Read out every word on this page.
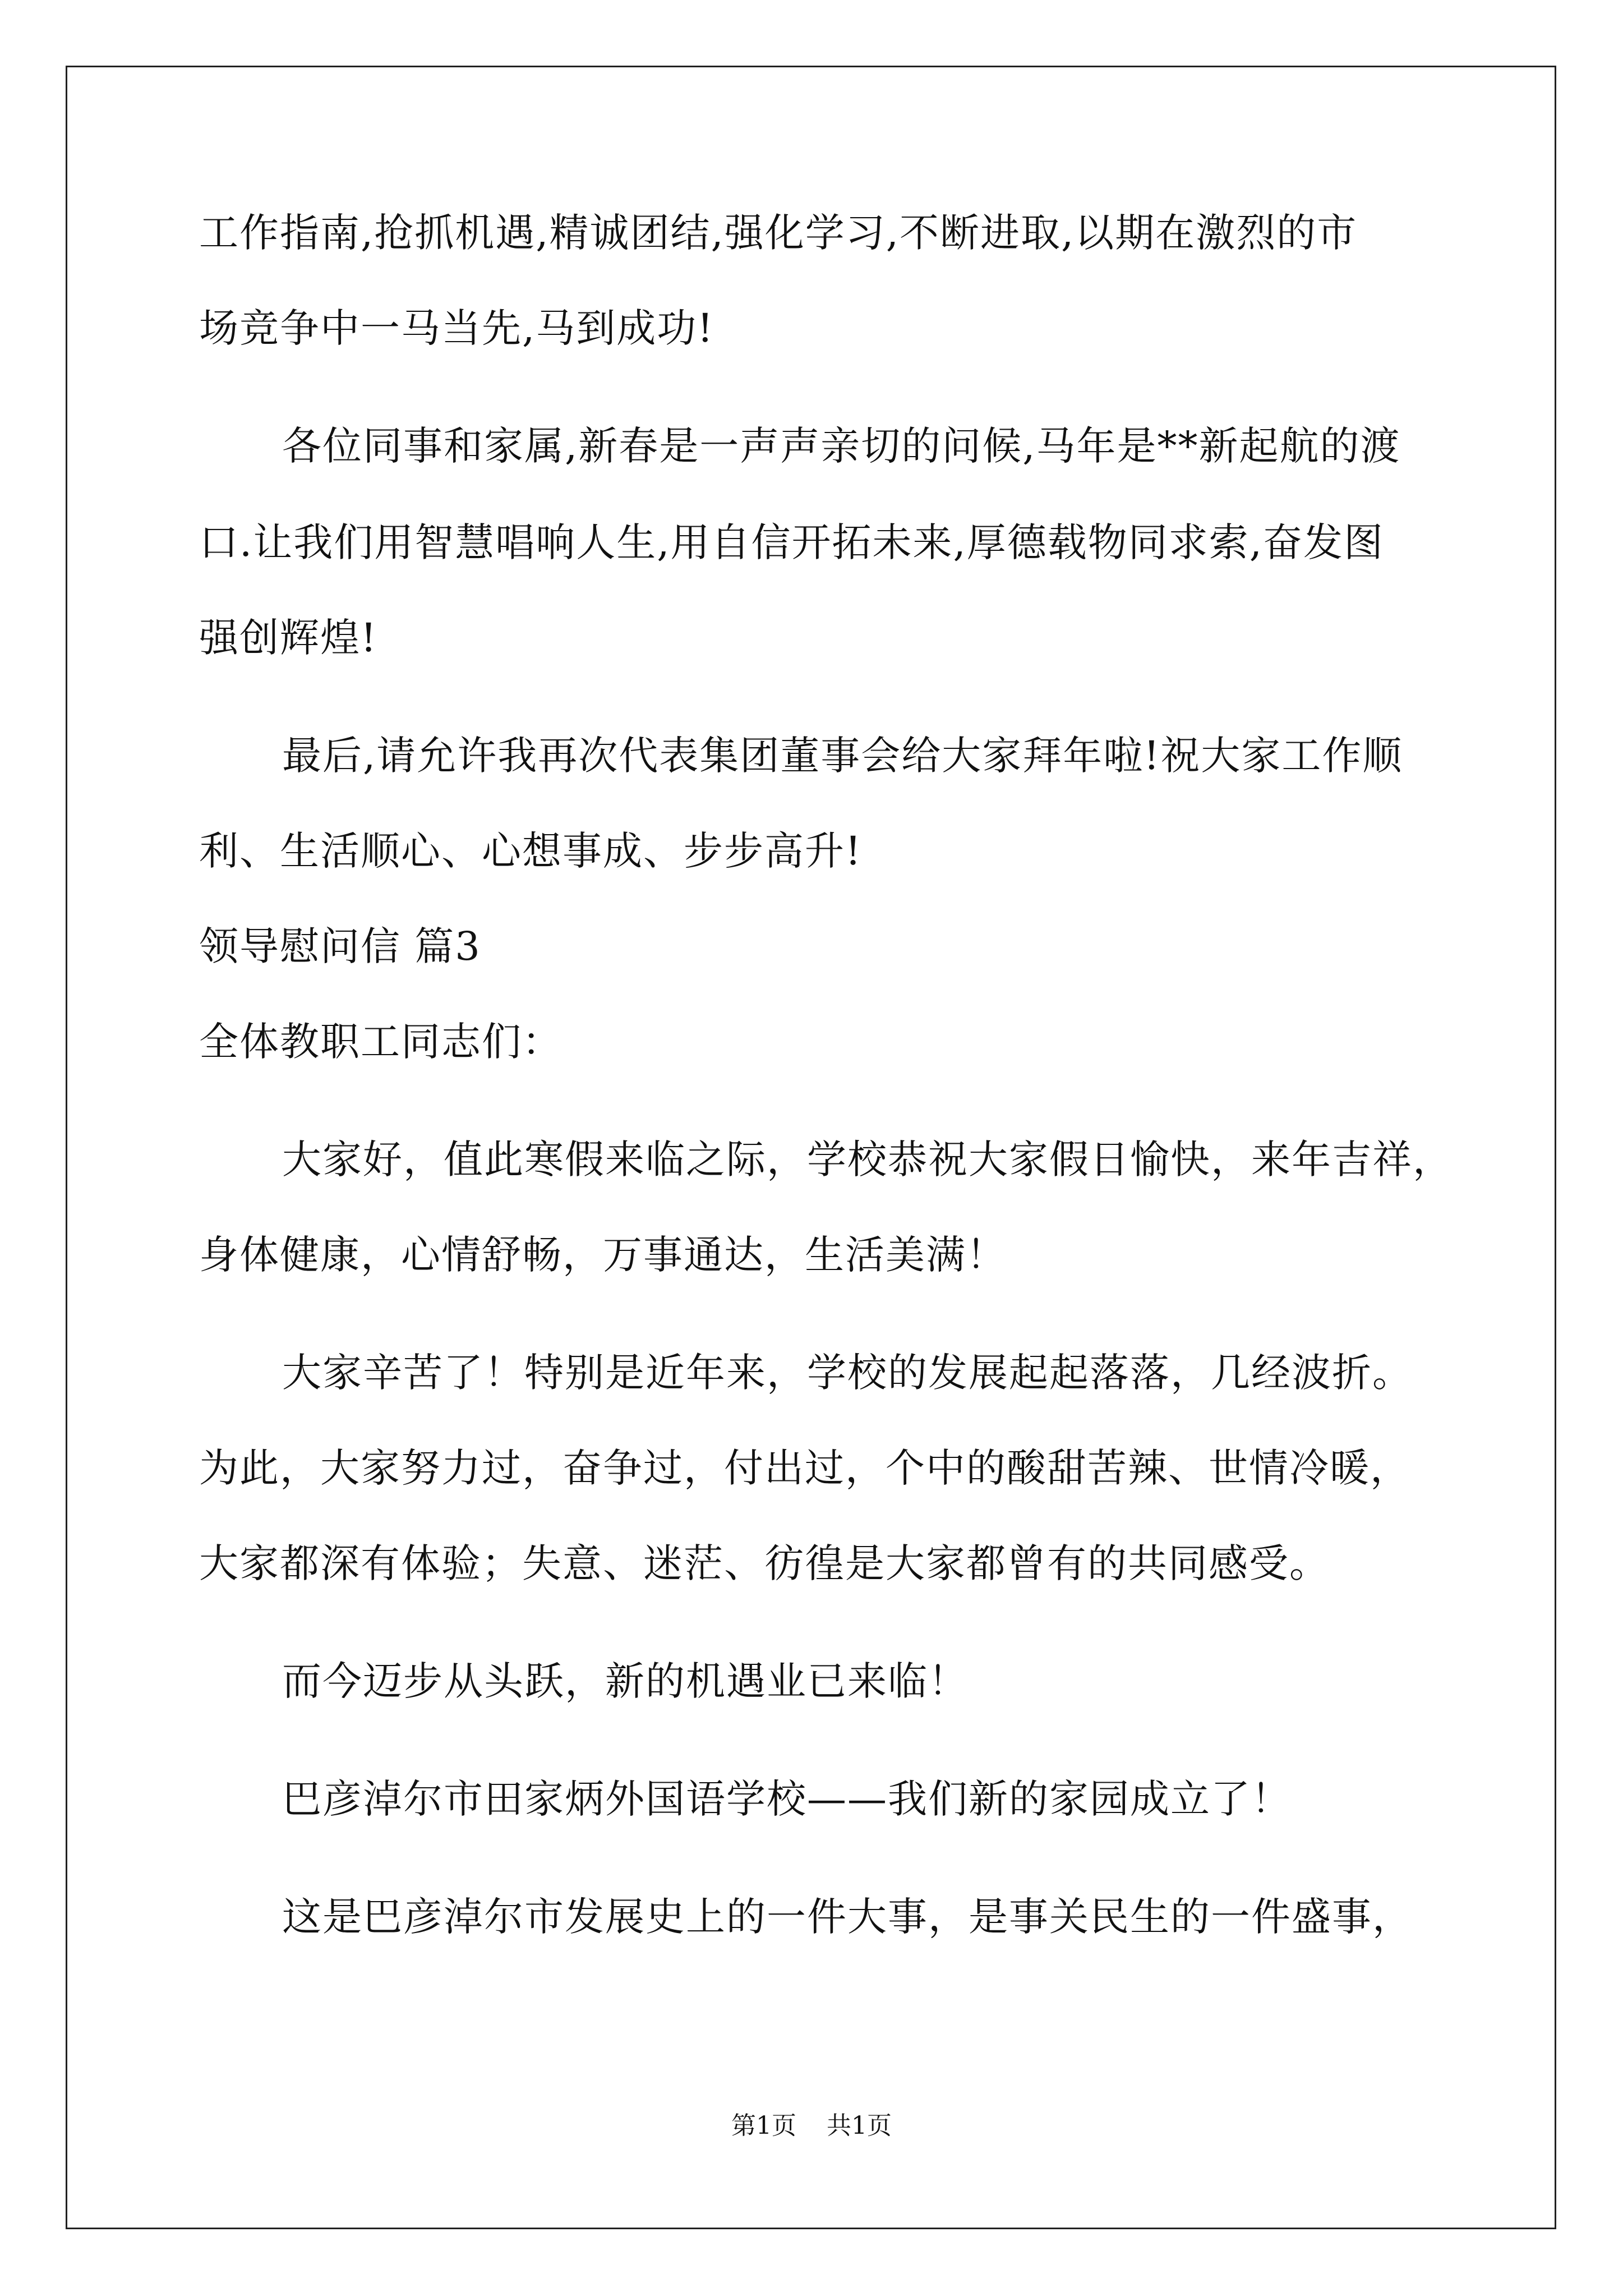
工作指南,抢抓机遇,精诚团结,强化学习,不断进取,以期在激烈的市
场竞争中一马当先,马到成功!
各位同事和家属,新春是一声声亲切的问候,马年是**新起航的渡
口.让我们用智慧唱响人生,用自信开拓未来,厚德载物同求索,奋发图
强创辉煌!
最后,请允许我再次代表集团董事会给大家拜年啦!祝大家工作顺
利、生活顺心、心想事成、步步高升!
领导慰问信 篇3
全体教职工同志们：
大家好，值此寒假来临之际，学校恭祝大家假日愉快，来年吉祥，
身体健康，心情舒畅，万事通达，生活美满！
大家辛苦了！特别是近年来，学校的发展起起落落，几经波折。
为此，大家努力过，奋争过，付出过，个中的酸甜苦辣、世情冷暖，
大家都深有体验；失意、迷茫、彷徨是大家都曾有的共同感受。
而今迈步从头跃，新的机遇业已来临！
巴彦淖尔市田家炳外国语学校——我们新的家园成立了！
这是巴彦淖尔市发展史上的一件大事，是事关民生的一件盛事，
第1页 共1页
